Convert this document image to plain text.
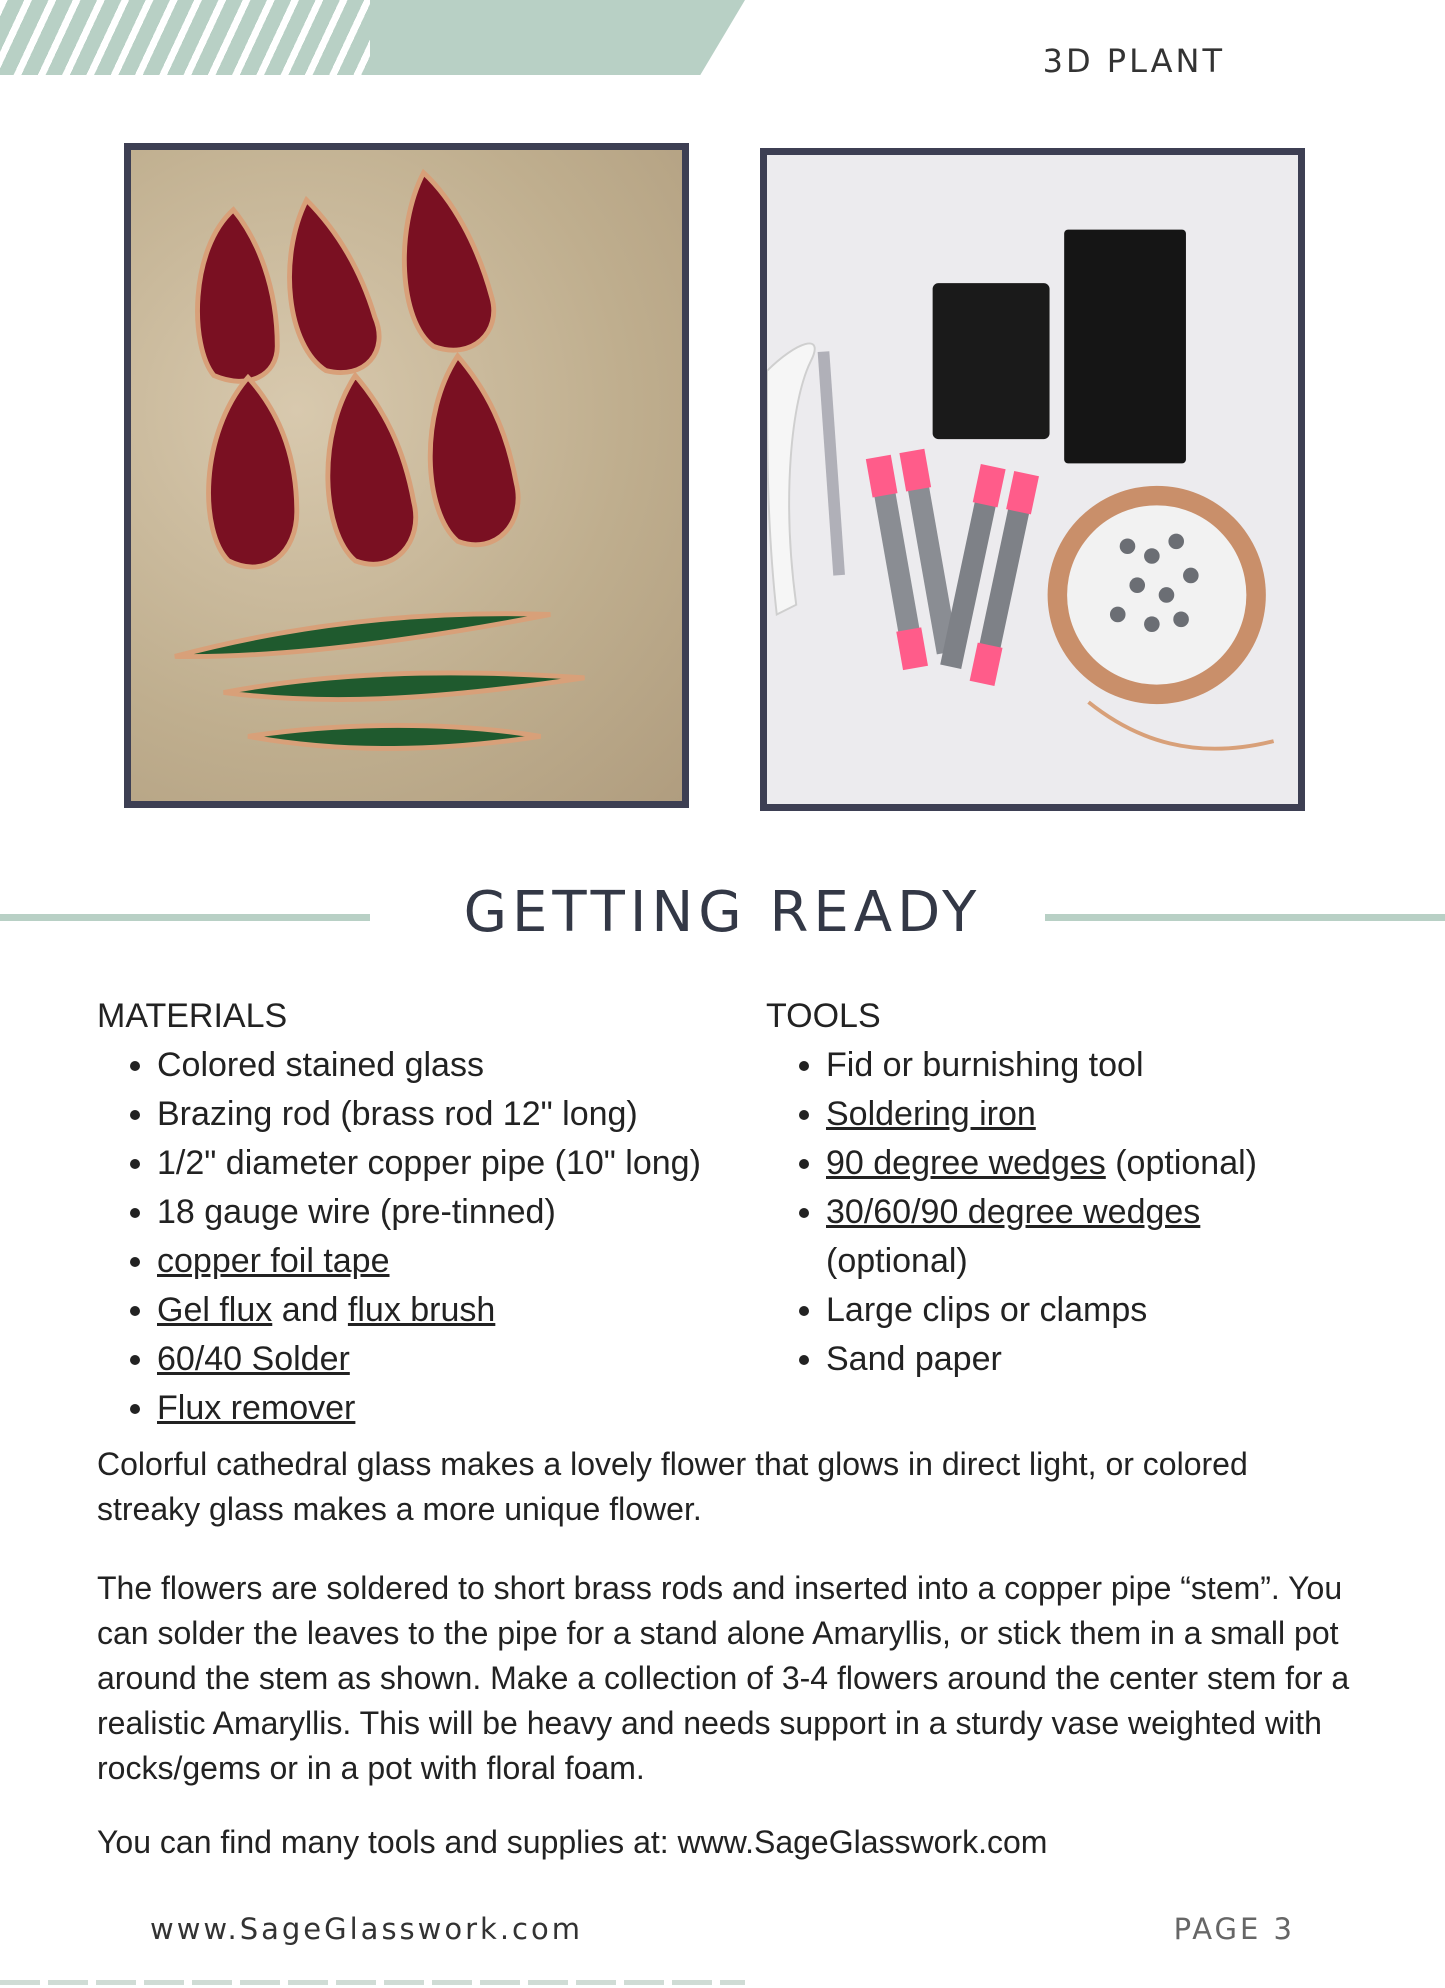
3D PLANT
GETTING READY

MATERIALS

• Colored stained glass
• Brazing rod (brass rod 12" long)
• 1/2" diameter copper pipe (10" long)
• 18 gauge wire (pre-tinned)
• copper foil tape
• Gel flux and flux brush
• 60/40 Solder
• Flux remover

TOOLS

• Fid or burnishing tool
• Soldering iron
• 90 degree wedges (optional)
• 30/60/90 degree wedges
(optional)
• Large clips or clamps
• Sand paper

Colorful cathedral glass makes a lovely flower that glows in direct light, or colored streaky glass makes a more unique flower.

The flowers are soldered to short brass rods and inserted into a copper pipe “stem”. You can solder the leaves to the pipe for a stand alone Amaryllis, or stick them in a small pot around the stem as shown. Make a collection of 3-4 flowers around the center stem for a realistic Amaryllis. This will be heavy and needs support in a sturdy vase weighted with rocks/gems or in a pot with floral foam.

You can find many tools and supplies at: www.SageGlasswork.com

www.SageGlasswork.com	PAGE 3
